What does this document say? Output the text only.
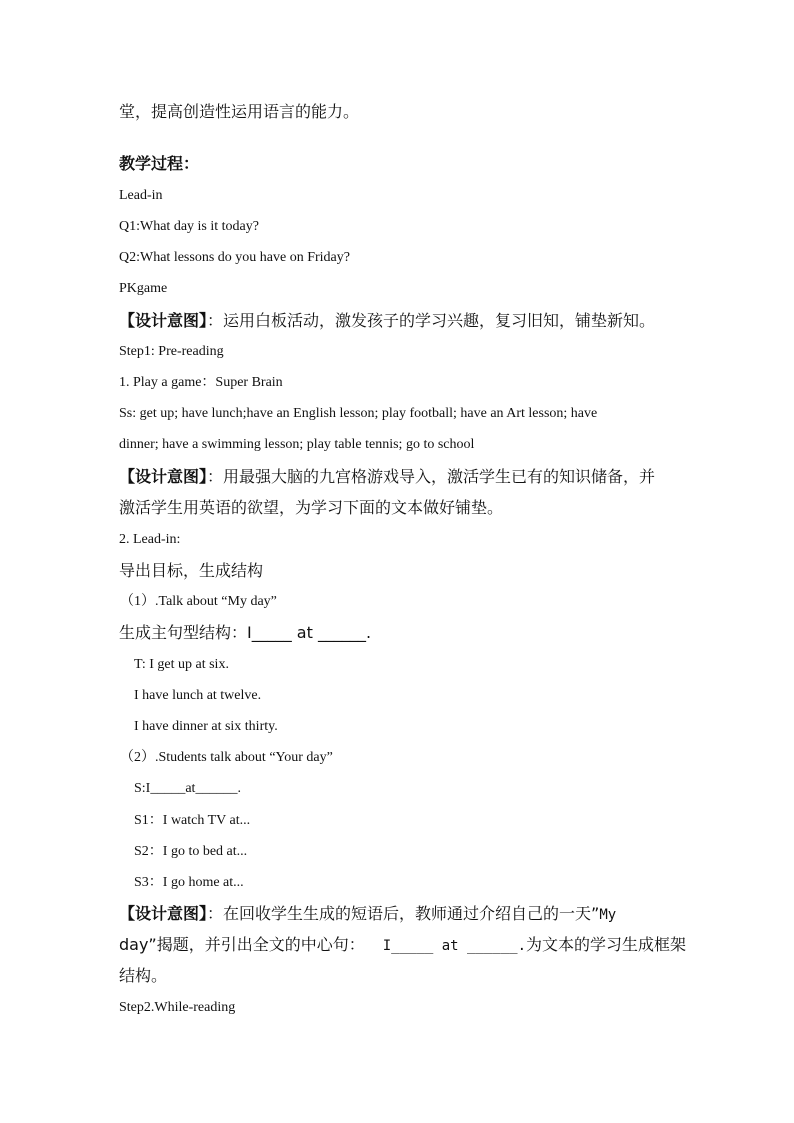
堂，提高创造性运用语言的能力。
教学过程：
Lead-in
Q1:What day is it today?
Q2:What lessons do you have on Friday?
PKgame
【设计意图】：运用白板活动，激发孩子的学习兴趣，复习旧知，铺垫新知。
Step1: Pre-reading
1. Play a game：Super Brain
Ss: get up; have lunch;have an English lesson; play football; have an Art lesson; have
dinner; have a swimming lesson; play table tennis; go to school
【设计意图】：用最强大脑的九宫格游戏导入，激活学生已有的知识储备，并
激活学生用英语的欲望，为学习下面的文本做好铺垫。
2. Lead-in:
导出目标，生成结构
（1）.Talk about “My day”
生成主句型结构：I_____ at ______.
T: I get up at six.
I have lunch at twelve.
I have dinner at six thirty.
（2）.Students talk about “Your day”
S:I_____at______.
S1：I watch TV at...
S2：I go to bed at...
S3：I go home at...
【设计意图】：在回收学生生成的短语后，教师通过介绍自己的一天”My
day”揭题，并引出全文的中心句： I_____ at ______.为文本的学习生成框架
结构。
Step2.While-reading
